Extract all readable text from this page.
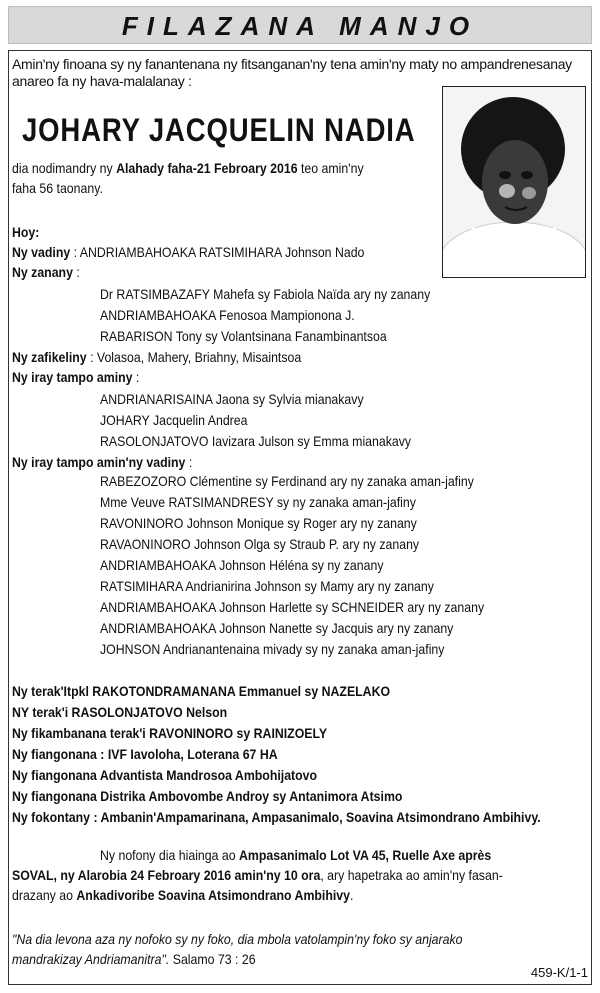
FILAZANA MANJO
Amin'ny finoana sy ny fanantenana ny fitsanganan'ny tena amin'ny maty no ampandrenesanay anareo fa ny hava-malalanay :
JOHARY JACQUELIN NADIA
dia nodimandry ny Alahady faha-21 Febroary 2016 teo amin'ny
faha 56 taonany.
Hoy:
Ny vadiny : ANDRIAMBAHOAKA RATSIMIHARA Johnson Nado
Ny zanany :
Dr RATSIMBAZAFY Mahefa sy Fabiola Naïda ary ny zanany
ANDRIAMBAHOAKA Fenosoa Mampionona J.
RABARISON Tony sy Volantsinana Fanambinantsoa
Ny zafikeliny : Volasoa, Mahery, Briahny, Misaintsoa
Ny iray tampo aminy :
ANDRIANARISAINA Jaona sy Sylvia mianakavy
JOHARY Jacquelin Andrea
RASOLONJATOVO Iavizara Julson sy Emma mianakavy
Ny iray tampo amin'ny vadiny :
RABEZOZORO Clémentine sy Ferdinand ary ny zanaka aman-jafiny
Mme Veuve RATSIMANDRESY sy ny zanaka aman-jafiny
RAVONINORO Johnson Monique sy Roger ary ny zanany
RAVAONINORO Johnson Olga sy Straub P. ary ny zanany
ANDRIAMBAHOAKA Johnson Héléna sy ny zanany
RATSIMIHARA Andrianirina Johnson sy Mamy ary ny zanany
ANDRIAMBAHOAKA Johnson Harlette sy SCHNEIDER ary ny zanany
ANDRIAMBAHOAKA Johnson Nanette sy Jacquis ary ny zanany
JOHNSON Andrianantenaina mivady sy ny zanaka aman-jafiny
Ny terak'Itpkl RAKOTONDRAMANANA Emmanuel sy NAZELAKO
NY terak'i RASOLONJATOVO Nelson
Ny fikambanana terak'i RAVONINORO sy RAINIZOELY
Ny fiangonana : IVF Iavoloha, Loterana 67 HA
Ny fiangonana Advantista Mandrosoa Ambohijatovo
Ny fiangonana Distrika Ambovombe Androy sy Antanimora Atsimo
Ny fokontany : Ambanin'Ampamarinana, Ampasanimalo, Soavina Atsimondrano Ambihivy.
Ny nofony dia hiainga ao Ampasanimalo Lot VA 45, Ruelle Axe après
SOVAL, ny Alarobia 24 Febroary 2016 amin'ny 10 ora, ary hapetraka ao amin'ny fasan-
drazany ao Ankadivoribe Soavina Atsimondrano Ambihivy.
"Na dia levona aza ny nofoko sy ny foko, dia mbola vatolampin'ny foko sy anjarako
mandrakizay Andriamanitra". Salamo 73 : 26
459-K/1-1
